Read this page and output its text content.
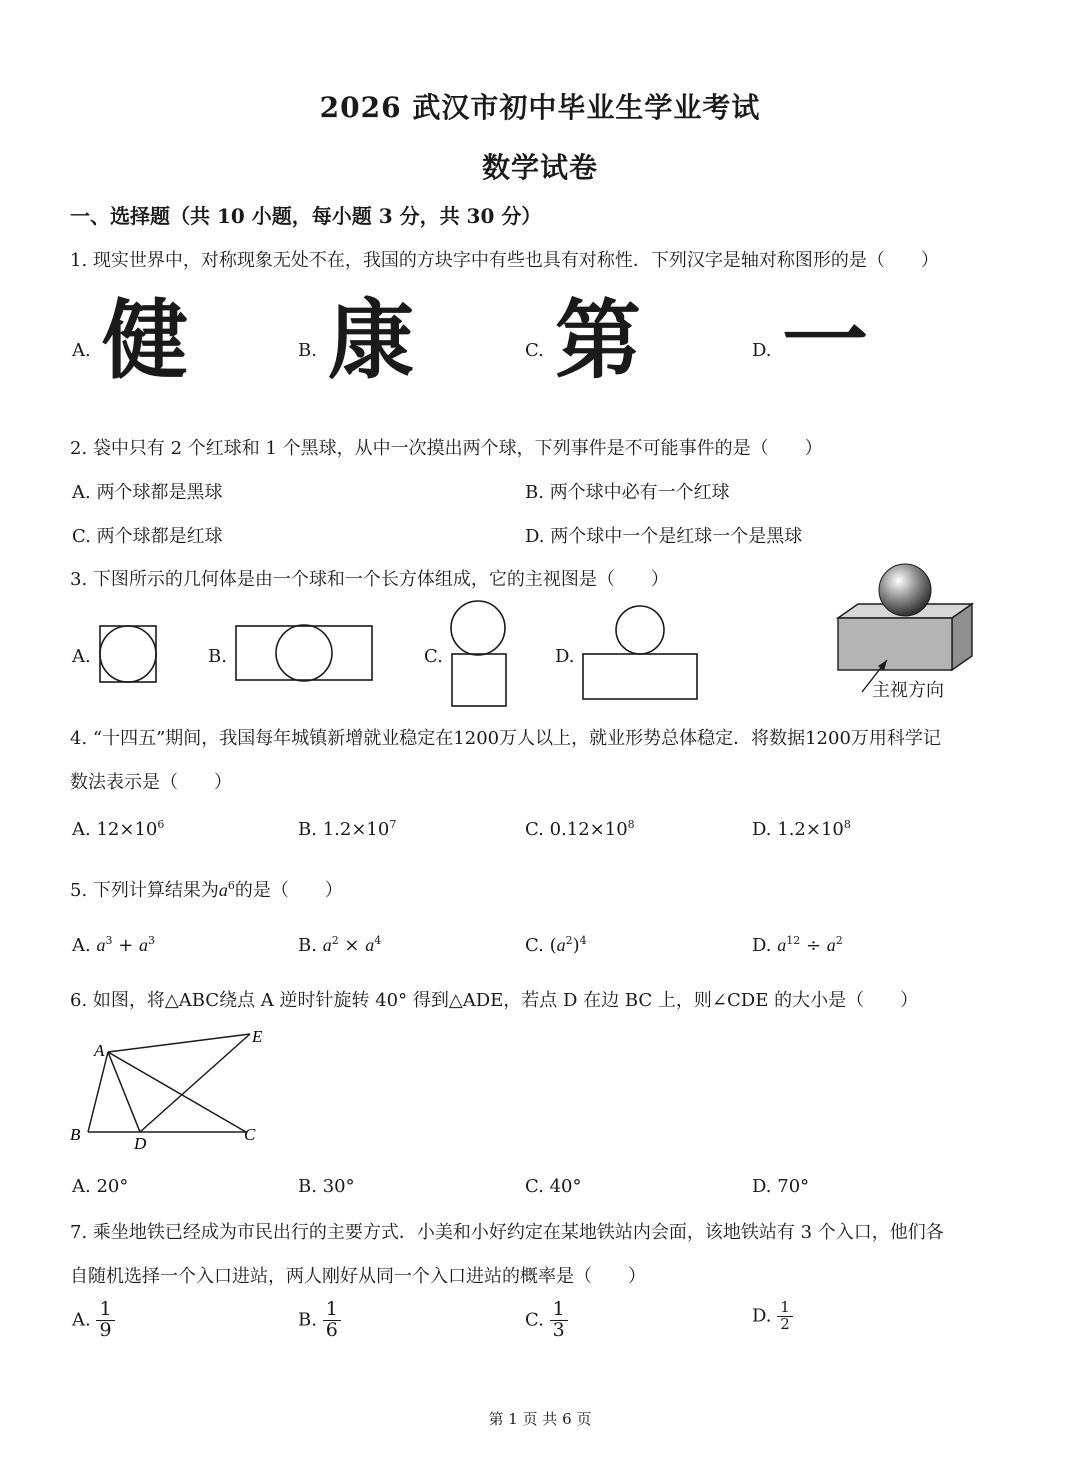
2026 武汉市初中毕业生学业考试
数学试卷
一、选择题（共 10 小题，每小题 3 分，共 30 分）
1. 现实世界中，对称现象无处不在，我国的方块字中有些也具有对称性．下列汉字是轴对称图形的是（　　）
A. 健	B. 康	C. 第	D. 一
2. 袋中只有 2 个红球和 1 个黑球，从中一次摸出两个球，下列事件是不可能事件的是（　　）
A. 两个球都是黑球	B. 两个球中必有一个红球
C. 两个球都是红球	D. 两个球中一个是红球一个是黑球
3. 下图所示的几何体是由一个球和一个长方体组成，它的主视图是（　　）
A.	B.	C.	D.
主视方向
4. “十四五”期间，我国每年城镇新增就业稳定在1200万人以上，就业形势总体稳定．将数据1200万用科学记
数法表示是（　　）
A. $12\times 10^6$	B. $1.2\times 10^7$	C. $0.12\times 10^8$	D. $1.2\times 10^8$
5. 下列计算结果为$a^6$的是（　　）
A. $a^3 + a^3$	B. $a^2 \times a^4$	C. $(a^2)^4$	D. $a^{12} \div a^2$
6. 如图，将△ABC绕点 A 逆时针旋转 40° 得到△ADE，若点 D 在边 BC 上，则∠CDE 的大小是（　　）
A
B	D	C
E
A. 20°	B. 30°	C. 40°	D. 70°
7. 乘坐地铁已经成为市民出行的主要方式．小美和小好约定在某地铁站内会面，该地铁站有 3 个入口，他们各
自随机选择一个入口进站，两人刚好从同一个入口进站的概率是（　　）
A. $\frac{1}{9}$	B. $\frac{1}{6}$	C. $\frac{1}{3}$	D. $\frac{1}{2}$
第 1 页 共 6 页
